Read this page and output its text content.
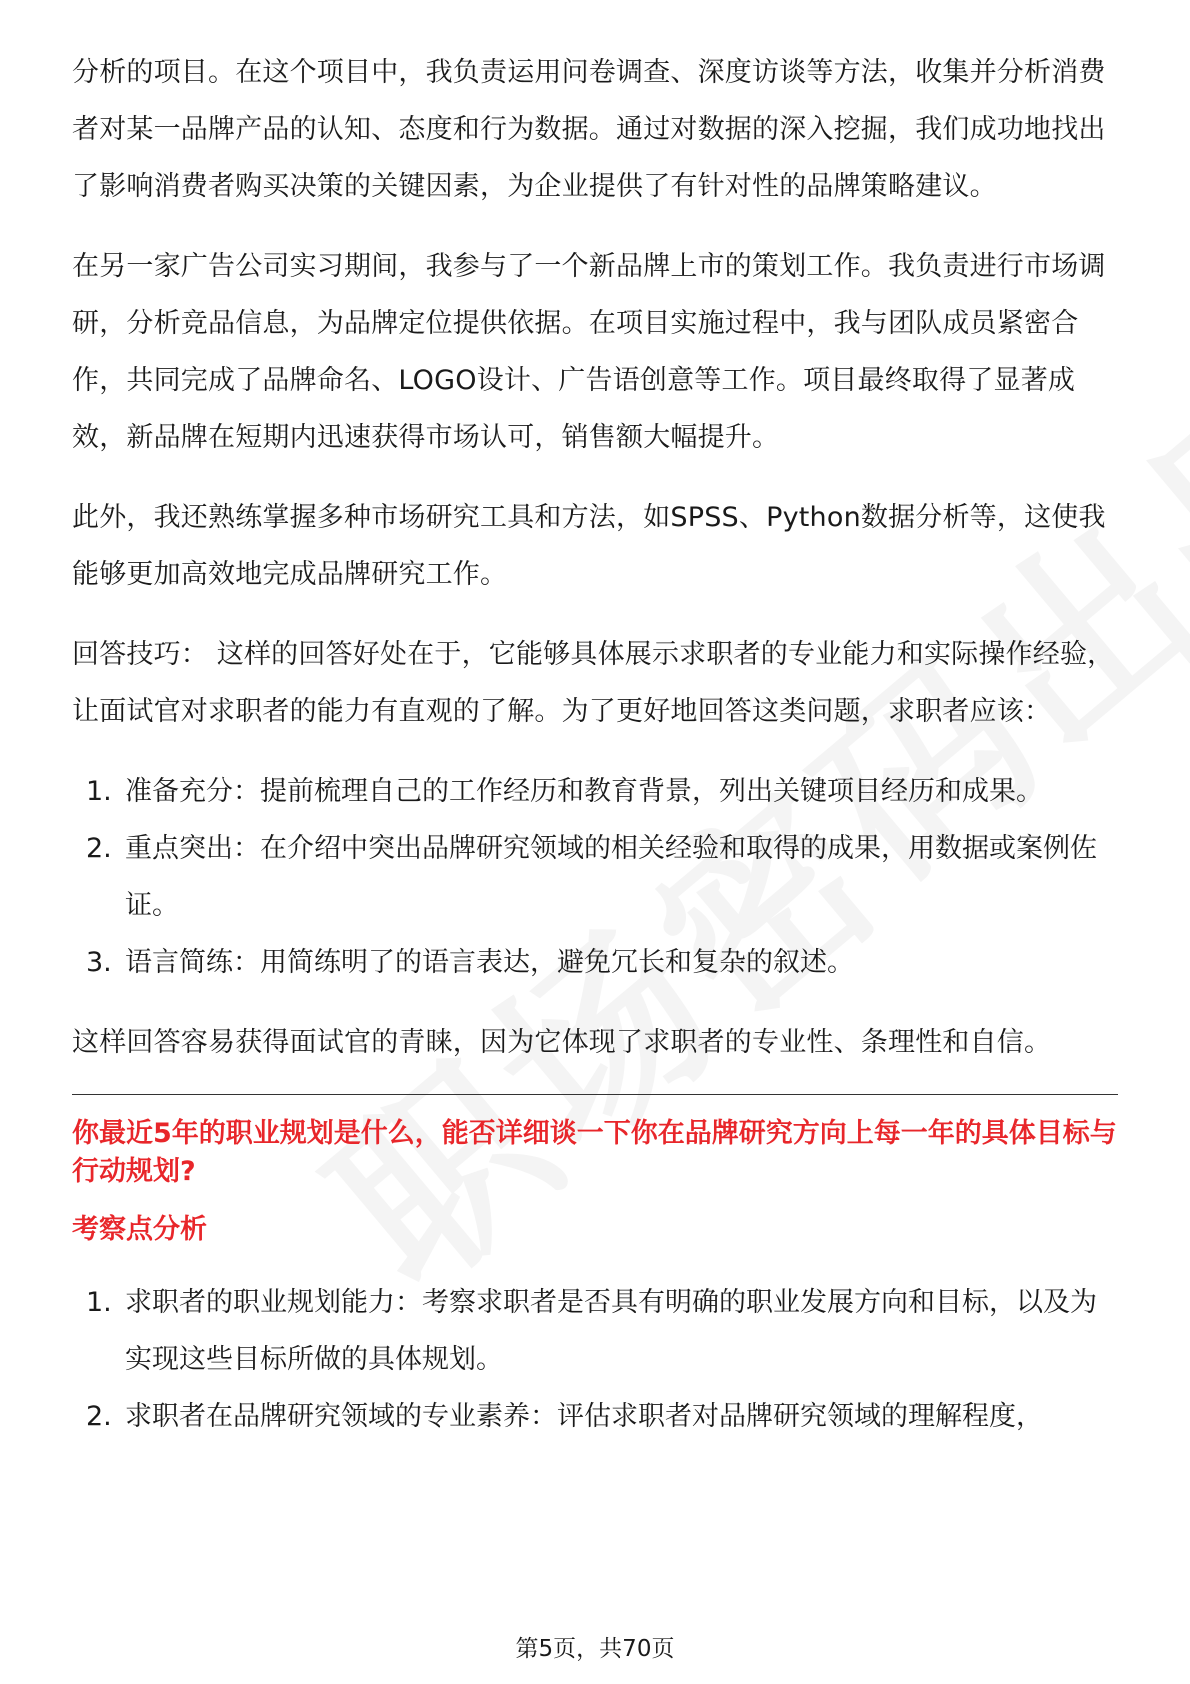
分析的项目。在这个项目中，我负责运用问卷调查、深度访谈等方法，收集并分析消费者对某一品牌产品的认知、态度和行为数据。通过对数据的深入挖掘，我们成功地找出了影响消费者购买决策的关键因素，为企业提供了有针对性的品牌策略建议。

在另一家广告公司实习期间，我参与了一个新品牌上市的策划工作。我负责进行市场调研，分析竞品信息，为品牌定位提供依据。在项目实施过程中，我与团队成员紧密合作，共同完成了品牌命名、LOGO设计、广告语创意等工作。项目最终取得了显著成效，新品牌在短期内迅速获得市场认可，销售额大幅提升。

此外，我还熟练掌握多种市场研究工具和方法，如SPSS、Python数据分析等，这使我能够更加高效地完成品牌研究工作。

回答技巧： 这样的回答好处在于，它能够具体展示求职者的专业能力和实际操作经验，让面试官对求职者的能力有直观的了解。为了更好地回答这类问题，求职者应该：

1. 准备充分：提前梳理自己的工作经历和教育背景，列出关键项目经历和成果。
2. 重点突出：在介绍中突出品牌研究领域的相关经验和取得的成果，用数据或案例佐证。
3. 语言简练：用简练明了的语言表达，避免冗长和复杂的叙述。

这样回答容易获得面试官的青睐，因为它体现了求职者的专业性、条理性和自信。

你最近5年的职业规划是什么，能否详细谈一下你在品牌研究方向上每一年的具体目标与行动规划?
考察点分析
1. 求职者的职业规划能力：考察求职者是否具有明确的职业发展方向和目标，以及为实现这些目标所做的具体规划。
2. 求职者在品牌研究领域的专业素养：评估求职者对品牌研究领域的理解程度，
第5页，共70页
